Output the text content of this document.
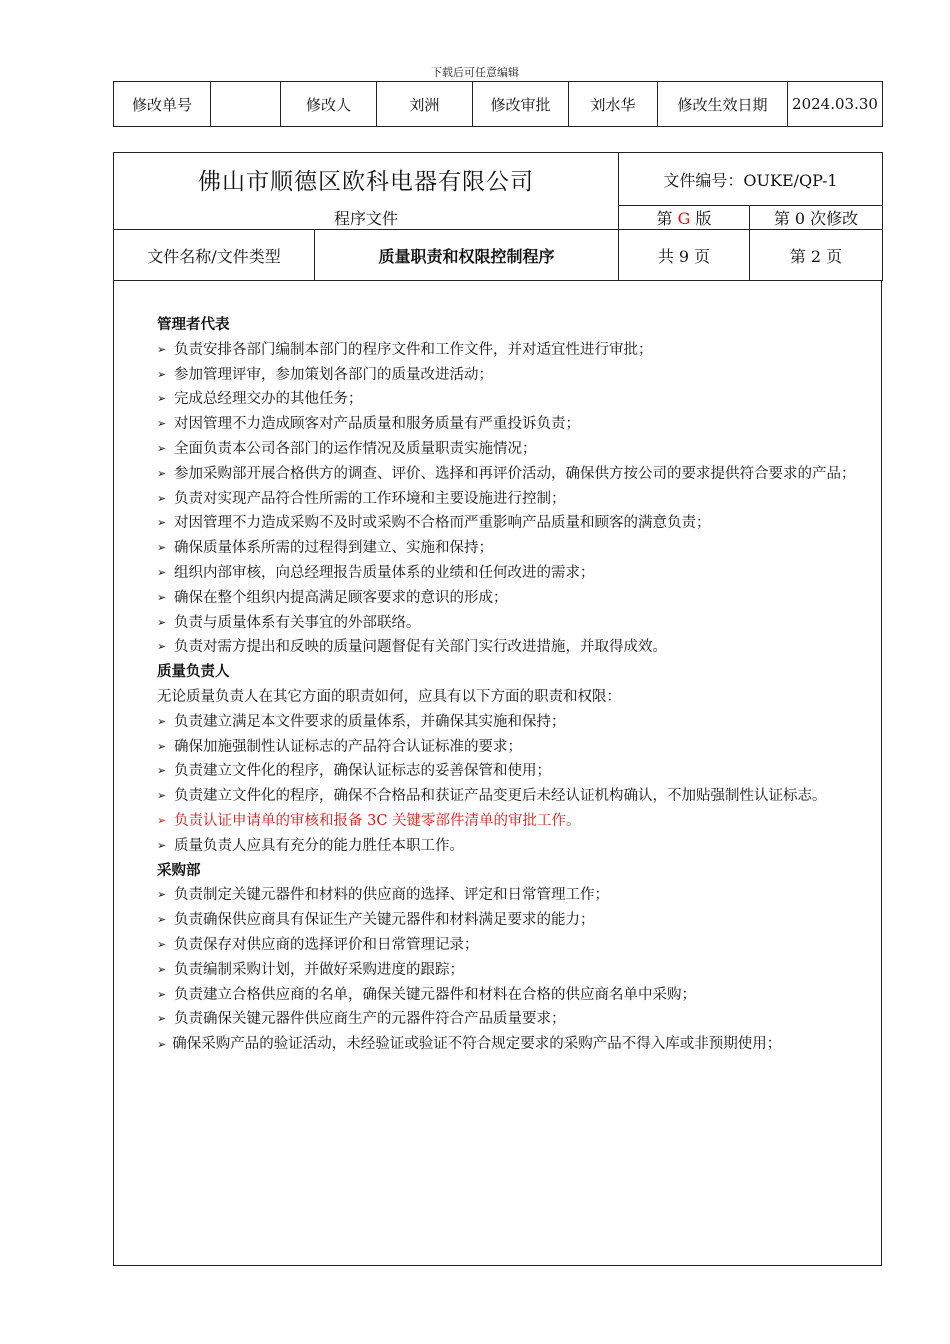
下载后可任意编辑
修改单号		修改人	刘洲	修改审批	刘水华	修改生效日期	2024.03.30
佛山市顺德区欧科电器有限公司		文件编号：OUKE/QP-1	
程序文件		第 G 版	第 0 次修改
文件名称/文件类型	质量职责和权限控制程序	共 9 页	第 2 页
管理者代表
➢ 负责安排各部门编制本部门的程序文件和工作文件，并对适宜性进行审批；
➢ 参加管理评审，参加策划各部门的质量改进活动；
➢ 完成总经理交办的其他任务；
➢ 对因管理不力造成顾客对产品质量和服务质量有严重投诉负责；
➢ 全面负责本公司各部门的运作情况及质量职责实施情况；
➢ 参加采购部开展合格供方的调查、评价、选择和再评价活动，确保供方按公司的要求提供符合要求的产品；
➢ 负责对实现产品符合性所需的工作环境和主要设施进行控制；
➢ 对因管理不力造成采购不及时或采购不合格而严重影响产品质量和顾客的满意负责；
➢ 确保质量体系所需的过程得到建立、实施和保持；
➢ 组织内部审核，向总经理报告质量体系的业绩和任何改进的需求；
➢ 确保在整个组织内提高满足顾客要求的意识的形成；
➢ 负责与质量体系有关事宜的外部联络。
➢ 负责对需方提出和反映的质量问题督促有关部门实行改进措施，并取得成效。
质量负责人
无论质量负责人在其它方面的职责如何，应具有以下方面的职责和权限：
➢ 负责建立满足本文件要求的质量体系，并确保其实施和保持；
➢ 确保加施强制性认证标志的产品符合认证标准的要求；
➢ 负责建立文件化的程序，确保认证标志的妥善保管和使用；
➢ 负责建立文件化的程序，确保不合格品和获证产品变更后未经认证机构确认，不加贴强制性认证标志。
➢ 负责认证申请单的审核和报备 3C 关键零部件清单的审批工作。
➢ 质量负责人应具有充分的能力胜任本职工作。
采购部
➢ 负责制定关键元器件和材料的供应商的选择、评定和日常管理工作；
➢ 负责确保供应商具有保证生产关键元器件和材料满足要求的能力；
➢ 负责保存对供应商的选择评价和日常管理记录；
➢ 负责编制采购计划，并做好采购进度的跟踪；
➢ 负责建立合格供应商的名单，确保关键元器件和材料在合格的供应商名单中采购；
➢ 负责确保关键元器件供应商生产的元器件符合产品质量要求；
➢ 确保采购产品的验证活动，未经验证或验证不符合规定要求的采购产品不得入库或非预期使用；
